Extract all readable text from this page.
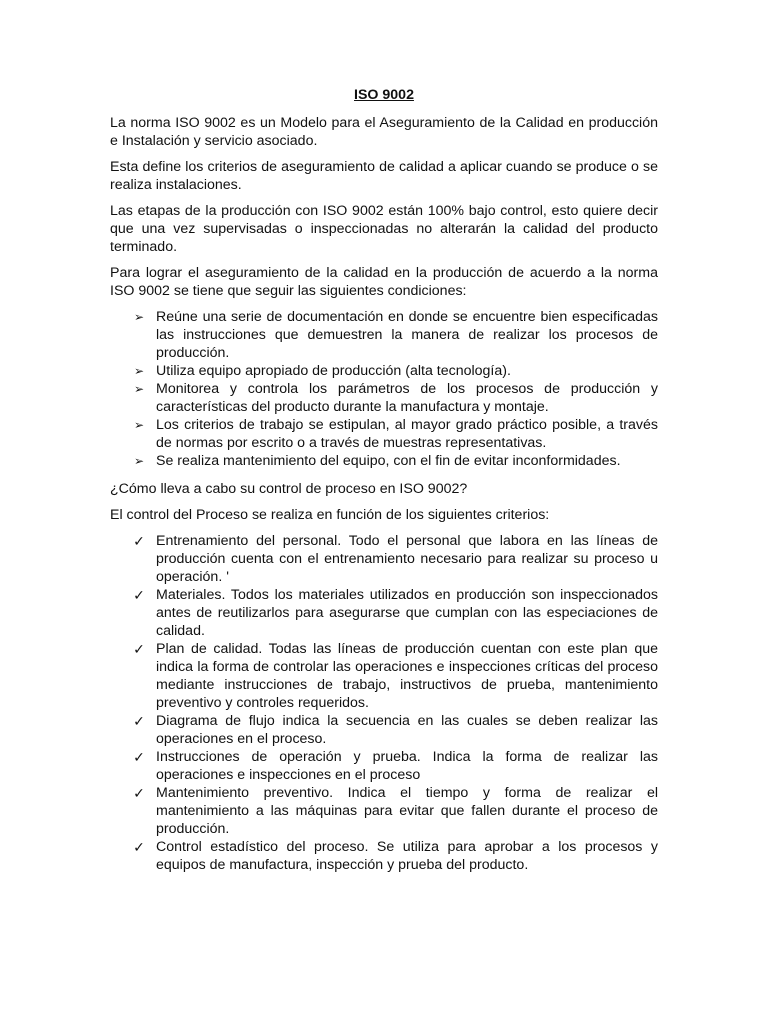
ISO 9002

La norma ISO 9002 es un Modelo para el Aseguramiento de la Calidad en producción e Instalación y servicio asociado.

Esta define los criterios de aseguramiento de calidad a aplicar cuando se produce o se realiza instalaciones.

Las etapas de la producción con ISO 9002 están 100% bajo control, esto quiere decir que una vez supervisadas o inspeccionadas no alterarán la calidad del producto terminado.

Para lograr el aseguramiento de la calidad en la producción de acuerdo a la norma ISO 9002 se tiene que seguir las siguientes condiciones:

➢ Reúne una serie de documentación en donde se encuentre bien especificadas las instrucciones que demuestren la manera de realizar los procesos de producción.
➢ Utiliza equipo apropiado de producción (alta tecnología).
➢ Monitorea y controla los parámetros de los procesos de producción y características del producto durante la manufactura y montaje.
➢ Los criterios de trabajo se estipulan, al mayor grado práctico posible, a través de normas por escrito o a través de muestras representativas.
➢ Se realiza mantenimiento del equipo, con el fin de evitar inconformidades.

¿Cómo lleva a cabo su control de proceso en ISO 9002?

El control del Proceso se realiza en función de los siguientes criterios:

✓ Entrenamiento del personal. Todo el personal que labora en las líneas de producción cuenta con el entrenamiento necesario para realizar su proceso u operación. '
✓ Materiales. Todos los materiales utilizados en producción son inspeccionados antes de reutilizarlos para asegurarse que cumplan con las especiaciones de calidad.
✓ Plan de calidad. Todas las líneas de producción cuentan con este plan que indica la forma de controlar las operaciones e inspecciones críticas del proceso mediante instrucciones de trabajo, instructivos de prueba, mantenimiento preventivo y controles requeridos.
✓ Diagrama de flujo indica la secuencia en las cuales se deben realizar las operaciones en el proceso.
✓ Instrucciones de operación y prueba. Indica la forma de realizar las operaciones e inspecciones en el proceso
✓ Mantenimiento preventivo. Indica el tiempo y forma de realizar el mantenimiento a las máquinas para evitar que fallen durante el proceso de producción.
✓ Control estadístico del proceso. Se utiliza para aprobar a los procesos y equipos de manufactura, inspección y prueba del producto.
